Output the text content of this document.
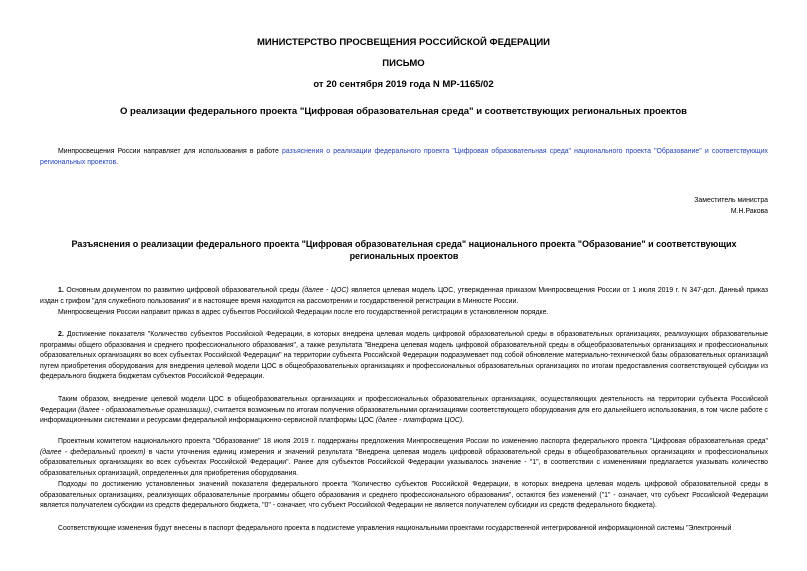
МИНИСТЕРСТВО ПРОСВЕЩЕНИЯ РОССИЙСКОЙ ФЕДЕРАЦИИ
ПИСЬМО
от 20 сентября 2019 года N МР-1165/02
О реализации федерального проекта "Цифровая образовательная среда" и соответствующих региональных проектов

Минпросвещения России направляет для использования в работе разъяснения о реализации федерального проекта "Цифровая образовательная среда" национального проекта "Образование" и соответствующих региональных проектов.

Заместитель министра
М.Н.Ракова
Разъяснения о реализации федерального проекта "Цифровая образовательная среда" национального проекта "Образование" и соответствующих региональных проектов

1. Основным документом по развитию цифровой образовательной среды (далее - ЦОС) является целевая модель ЦОС, утвержденная приказом Минпросвещения России от 1 июля 2019 г. N 347-дсп. Данный приказ издан с грифом "для служебного пользования" и в настоящее время находится на рассмотрении и государственной регистрации в Минюсте России.

Минпросвещения России направит приказ в адрес субъектов Российской Федерации после его государственной регистрации в установленном порядке.

2. Достижение показателя "Количество субъектов Российской Федерации, в которых внедрена целевая модель цифровой образовательной среды в образовательных организациях, реализующих образовательные программы общего образования и среднего профессионального образования", а также результата "Внедрена целевая модель цифровой образовательной среды в общеобразовательных организациях и профессиональных образовательных организациях во всех субъектах Российской Федерации" на территории субъекта Российской Федерации подразумевает под собой обновление материально-технической базы образовательных организаций путем приобретения оборудования для внедрения целевой модели ЦОС в общеобразовательных организациях и профессиональных образовательных организациях по итогам предоставления соответствующей субсидии из федерального бюджета бюджетам субъектов Российской Федерации.

Таким образом, внедрение целевой модели ЦОС в общеобразовательных организациях и профессиональных образовательных организациях, осуществляющих деятельность на территории субъекта Российской Федерации (далее - образовательные организации), считается возможным по итогам получения образовательными организациями соответствующего оборудования для его дальнейшего использования, в том числе работе с информационными системами и ресурсами федеральной информационно-сервисной платформы ЦОС (далее - платформа ЦОС).

Проектным комитетом национального проекта "Образование" 18 июля 2019 г. поддержаны предложения Минпросвещения России по изменению паспорта федерального проекта "Цифровая образовательная среда" (далее - федеральный проект) в части уточнения единиц измерения и значений результата "Внедрена целевая модель цифровой образовательной среды в общеобразовательных организациях и профессиональных образовательных организациях во всех субъектах Российской Федерации". Ранее для субъектов Российской Федерации указывалось значение - "1", в соответствии с изменениями предлагается указывать количество образовательных организаций, определенных для приобретения оборудования.

Подходы по достижению установленных значений показателя федерального проекта "Количество субъектов Российской Федерации, в которых внедрена целевая модель цифровой образовательной среды в образовательных организациях, реализующих образовательные программы общего образования и среднего профессионального образования", остаются без изменений ("1" - означает, что субъект Российской Федерации является получателем субсидии из средств федерального бюджета, "0" - означает, что субъект Российской Федерации не является получателем субсидии из средств федерального бюджета).

Соответствующие изменения будут внесены в паспорт федерального проекта в подсистеме управления национальными проектами государственной интегрированной информационной системы "Электронный
